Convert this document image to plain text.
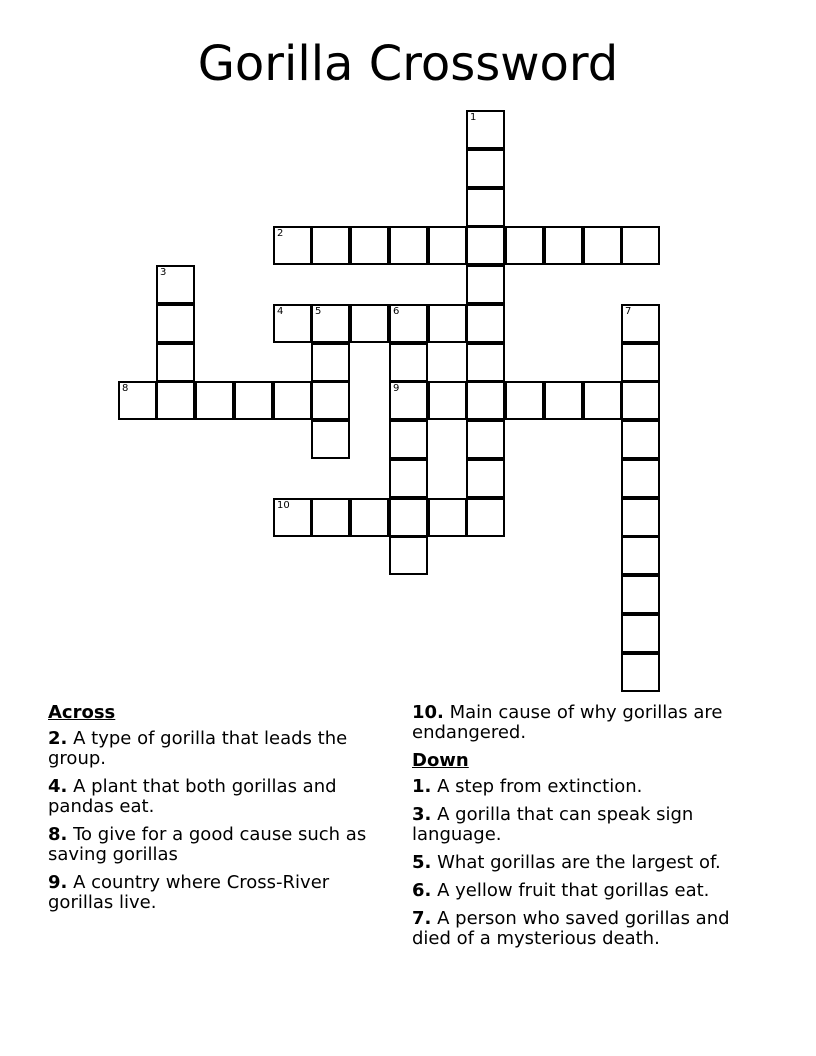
Gorilla Crossword
1
2
3
4	5	6	7
8	9
10
Across
2. A type of gorilla that leads the group.
4. A plant that both gorillas and pandas eat.
8. To give for a good cause such as saving gorillas
9. A country where Cross-River gorillas live.
10. Main cause of why gorillas are endangered.
Down
1. A step from extinction.
3. A gorilla that can speak sign language.
5. What gorillas are the largest of.
6. A yellow fruit that gorillas eat.
7. A person who saved gorillas and died of a mysterious death.
